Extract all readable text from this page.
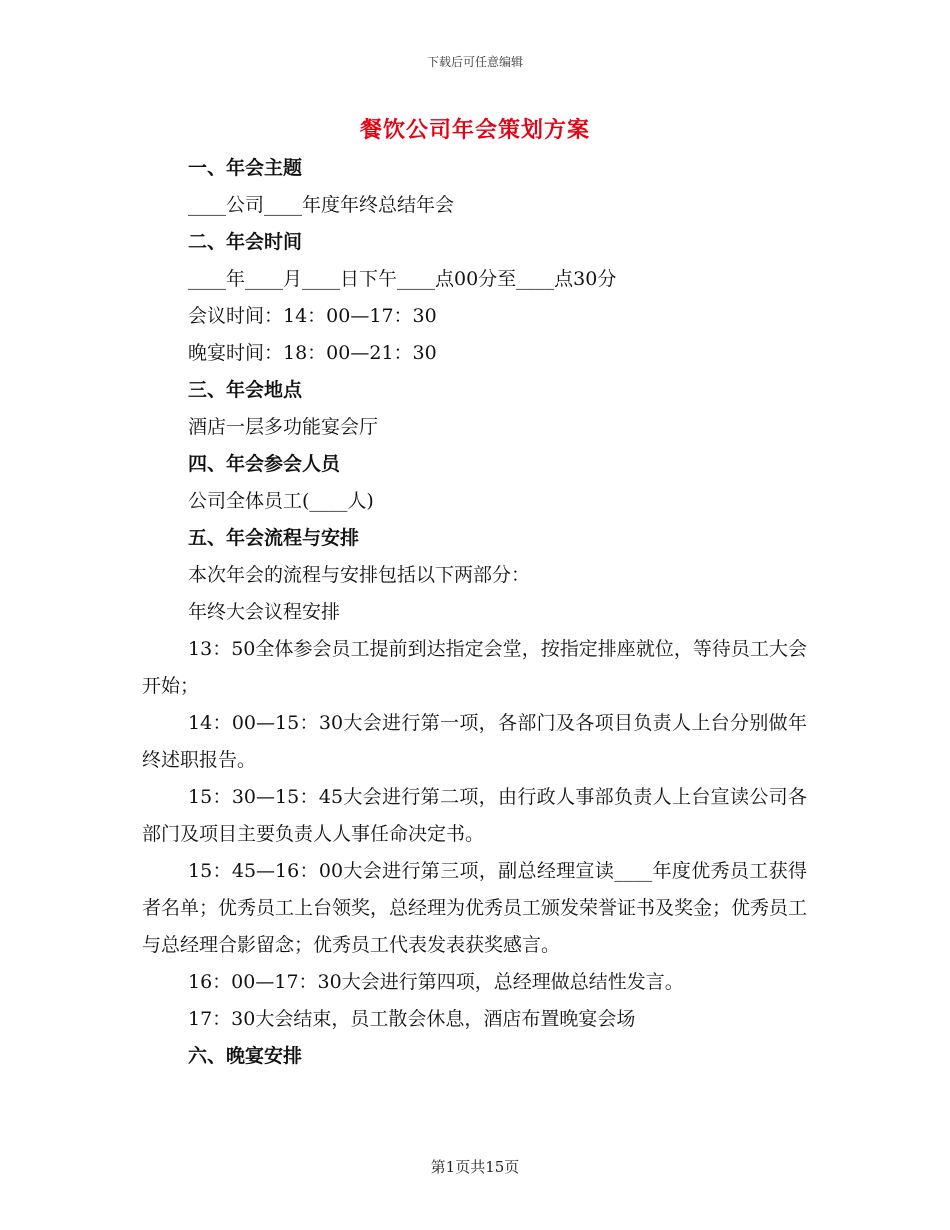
下载后可任意编辑
餐饮公司年会策划方案
一、年会主题
____公司____年度年终总结年会
二、年会时间
____年____月____日下午____点00分至____点30分
会议时间：14：00—17：30
晚宴时间：18：00—21：30
三、年会地点
酒店一层多功能宴会厅
四、年会参会人员
公司全体员工(____人)
五、年会流程与安排
本次年会的流程与安排包括以下两部分：
年终大会议程安排

13：50全体参会员工提前到达指定会堂，按指定排座就位，等待员工大会开始；

14：00—15：30大会进行第一项，各部门及各项目负责人上台分别做年终述职报告。

15：30—15：45大会进行第二项，由行政人事部负责人上台宣读公司各部门及项目主要负责人人事任命决定书。

15：45—16：00大会进行第三项，副总经理宣读____年度优秀员工获得者名单；优秀员工上台领奖，总经理为优秀员工颁发荣誉证书及奖金；优秀员工与总经理合影留念；优秀员工代表发表获奖感言。

16：00—17：30大会进行第四项，总经理做总结性发言。

17：30大会结束，员工散会休息，酒店布置晚宴会场

六、晚宴安排
第1页共15页
